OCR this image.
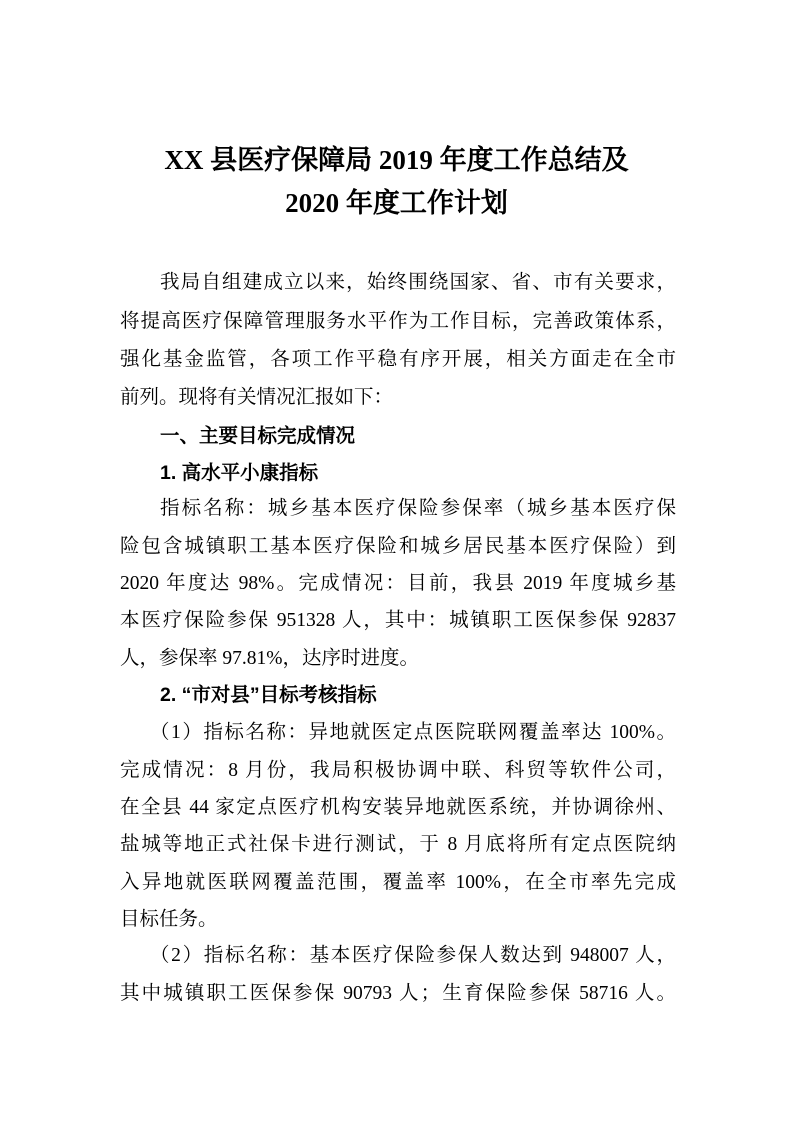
XX 县医疗保障局 2019 年度工作总结及
2020 年度工作计划
我局自组建成立以来，始终围绕国家、省、市有关要求，
将提高医疗保障管理服务水平作为工作目标，完善政策体系，
强化基金监管，各项工作平稳有序开展，相关方面走在全市
前列。现将有关情况汇报如下：
一、主要目标完成情况
1. 高水平小康指标
指标名称：城乡基本医疗保险参保率（城乡基本医疗保
险包含城镇职工基本医疗保险和城乡居民基本医疗保险）到
2020 年度达 98%。完成情况：目前，我县 2019 年度城乡基
本医疗保险参保 951328 人，其中：城镇职工医保参保 92837
人，参保率 97.81%，达序时进度。
2. “市对县”目标考核指标
（1）指标名称：异地就医定点医院联网覆盖率达 100%。
完成情况：8 月份，我局积极协调中联、科贸等软件公司，
在全县 44 家定点医疗机构安装异地就医系统，并协调徐州、
盐城等地正式社保卡进行测试，于 8 月底将所有定点医院纳
入异地就医联网覆盖范围，覆盖率 100%，在全市率先完成
目标任务。
（2）指标名称：基本医疗保险参保人数达到 948007 人，
其中城镇职工医保参保 90793 人；生育保险参保 58716 人。
